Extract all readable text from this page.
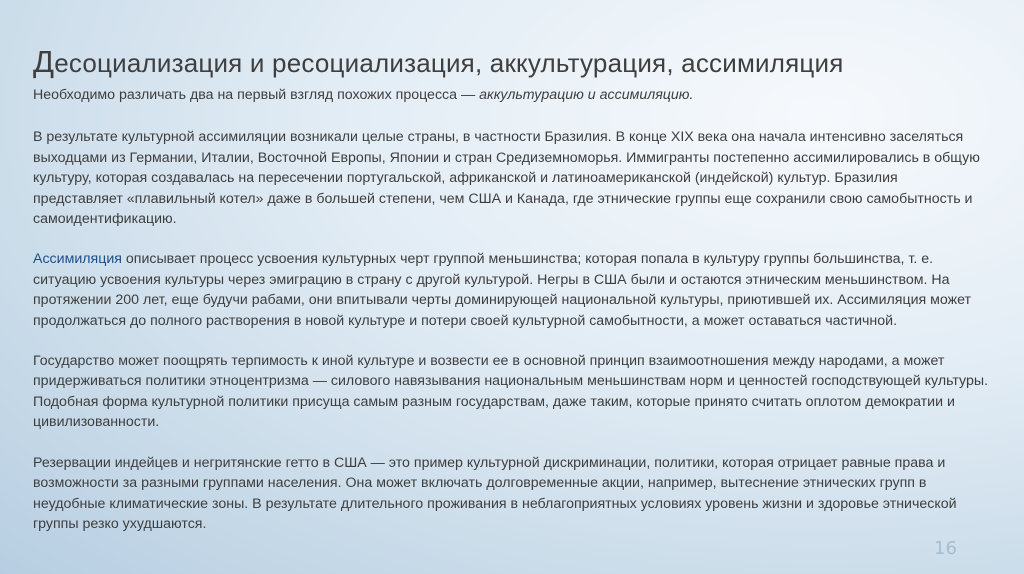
Десоциализация и ресоциализация, аккультурация, ассимиляция

Необходимо различать два на первый взгляд похожих процесса — аккультурацию и ассимиляцию.

В результате культурной ассимиляции возникали целые страны, в частности Бразилия. В конце XIX века она начала интенсивно заселяться выходцами из Германии, Италии, Восточной Европы, Японии и стран Средиземноморья. Иммигранты постепенно ассимилировались в общую культуру, которая создавалась на пересечении португальской, африканской и латиноамериканской (индейской) культур. Бразилия представляет «плавильный котел» даже в большей степени, чем США и Канада, где этнические группы еще сохранили свою самобытность и самоидентификацию.

Ассимиляция описывает процесс усвоения культурных черт группой меньшинства; которая попала в культуру группы большинства, т. е. ситуацию усвоения культуры через эмиграцию в страну с другой культурой. Негры в США были и остаются этническим меньшинством. На протяжении 200 лет, еще будучи рабами, они впитывали черты доминирующей национальной культуры, приютившей их. Ассимиляция может продолжаться до полного растворения в новой культуре и потери своей культурной самобытности, а может оставаться частичной.

Государство может поощрять терпимость к иной культуре и возвести ее в основной принцип взаимоотношения между народами, а может придерживаться политики этноцентризма — силового навязывания национальным меньшинствам норм и ценностей господствующей культуры. Подобная форма культурной политики присуща самым разным государствам, даже таким, которые принято считать оплотом демократии и цивилизованности.

Резервации индейцев и негритянские гетто в США — это пример культурной дискриминации, политики, которая отрицает равные права и возможности за разными группами населения. Она может включать долговременные акции, например, вытеснение этнических групп в неудобные климатические зоны. В результате длительного проживания в неблагоприятных условиях уровень жизни и здоровье этнической группы резко ухудшаются.

16
